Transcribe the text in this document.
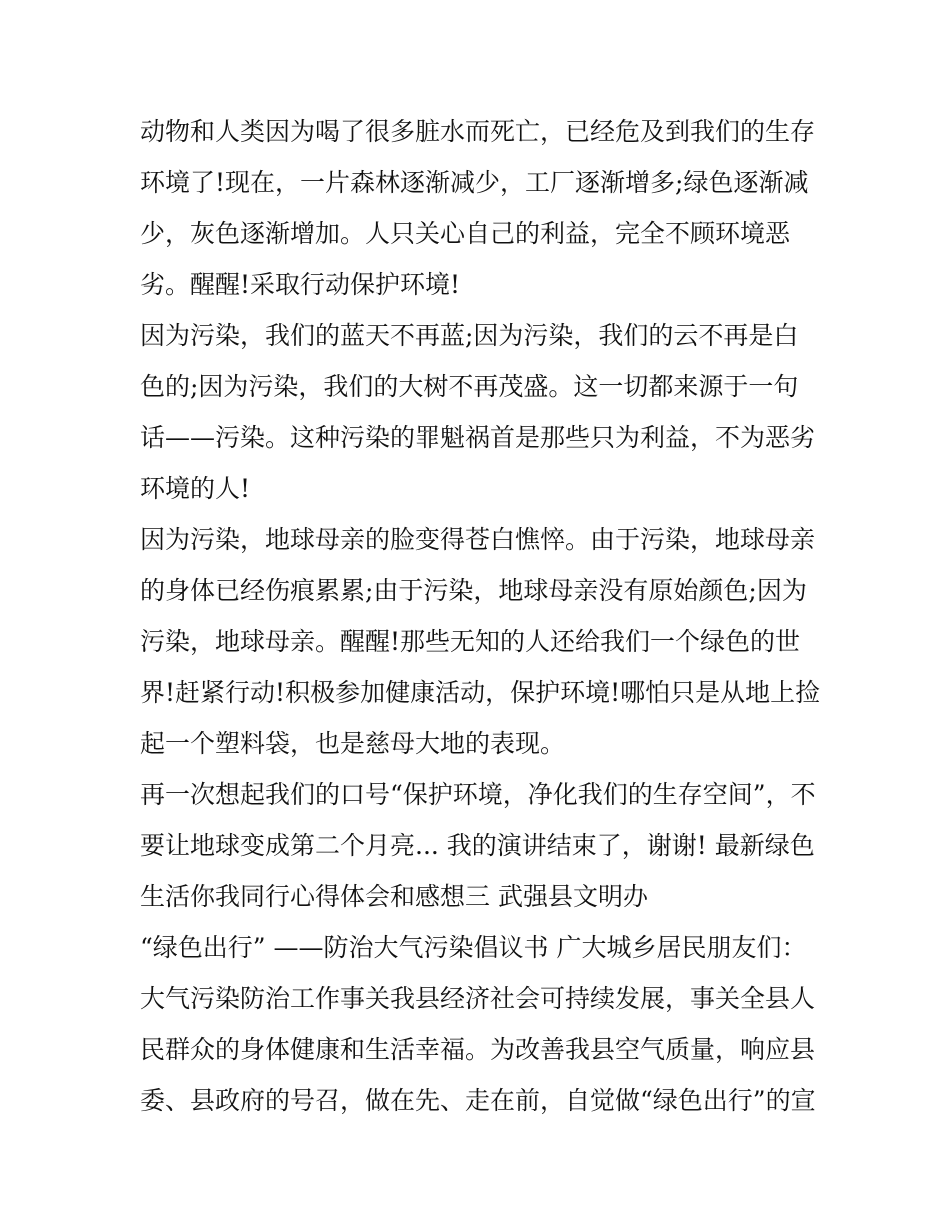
动物和人类因为喝了很多脏水而死亡，已经危及到我们的生存

环境了!现在，一片森林逐渐减少，工厂逐渐增多;绿色逐渐减

少，灰色逐渐增加。人只关心自己的利益，完全不顾环境恶

劣。醒醒!采取行动保护环境!

因为污染，我们的蓝天不再蓝;因为污染，我们的云不再是白

色的;因为污染，我们的大树不再茂盛。这一切都来源于一句

话——污染。这种污染的罪魁祸首是那些只为利益，不为恶劣

环境的人!

因为污染，地球母亲的脸变得苍白憔悴。由于污染，地球母亲

的身体已经伤痕累累;由于污染，地球母亲没有原始颜色;因为

污染，地球母亲。醒醒!那些无知的人还给我们一个绿色的世

界!赶紧行动!积极参加健康活动，保护环境!哪怕只是从地上捡

起一个塑料袋，也是慈母大地的表现。

再一次想起我们的口号“保护环境，净化我们的生存空间”，不

要让地球变成第二个月亮... 我的演讲结束了，谢谢! 最新绿色

生活你我同行心得体会和感想三 武强县文明办

“绿色出行” ——防治大气污染倡议书 广大城乡居民朋友们：

大气污染防治工作事关我县经济社会可持续发展，事关全县人

民群众的身体健康和生活幸福。为改善我县空气质量，响应县

委、县政府的号召，做在先、走在前，自觉做“绿色出行”的宣
